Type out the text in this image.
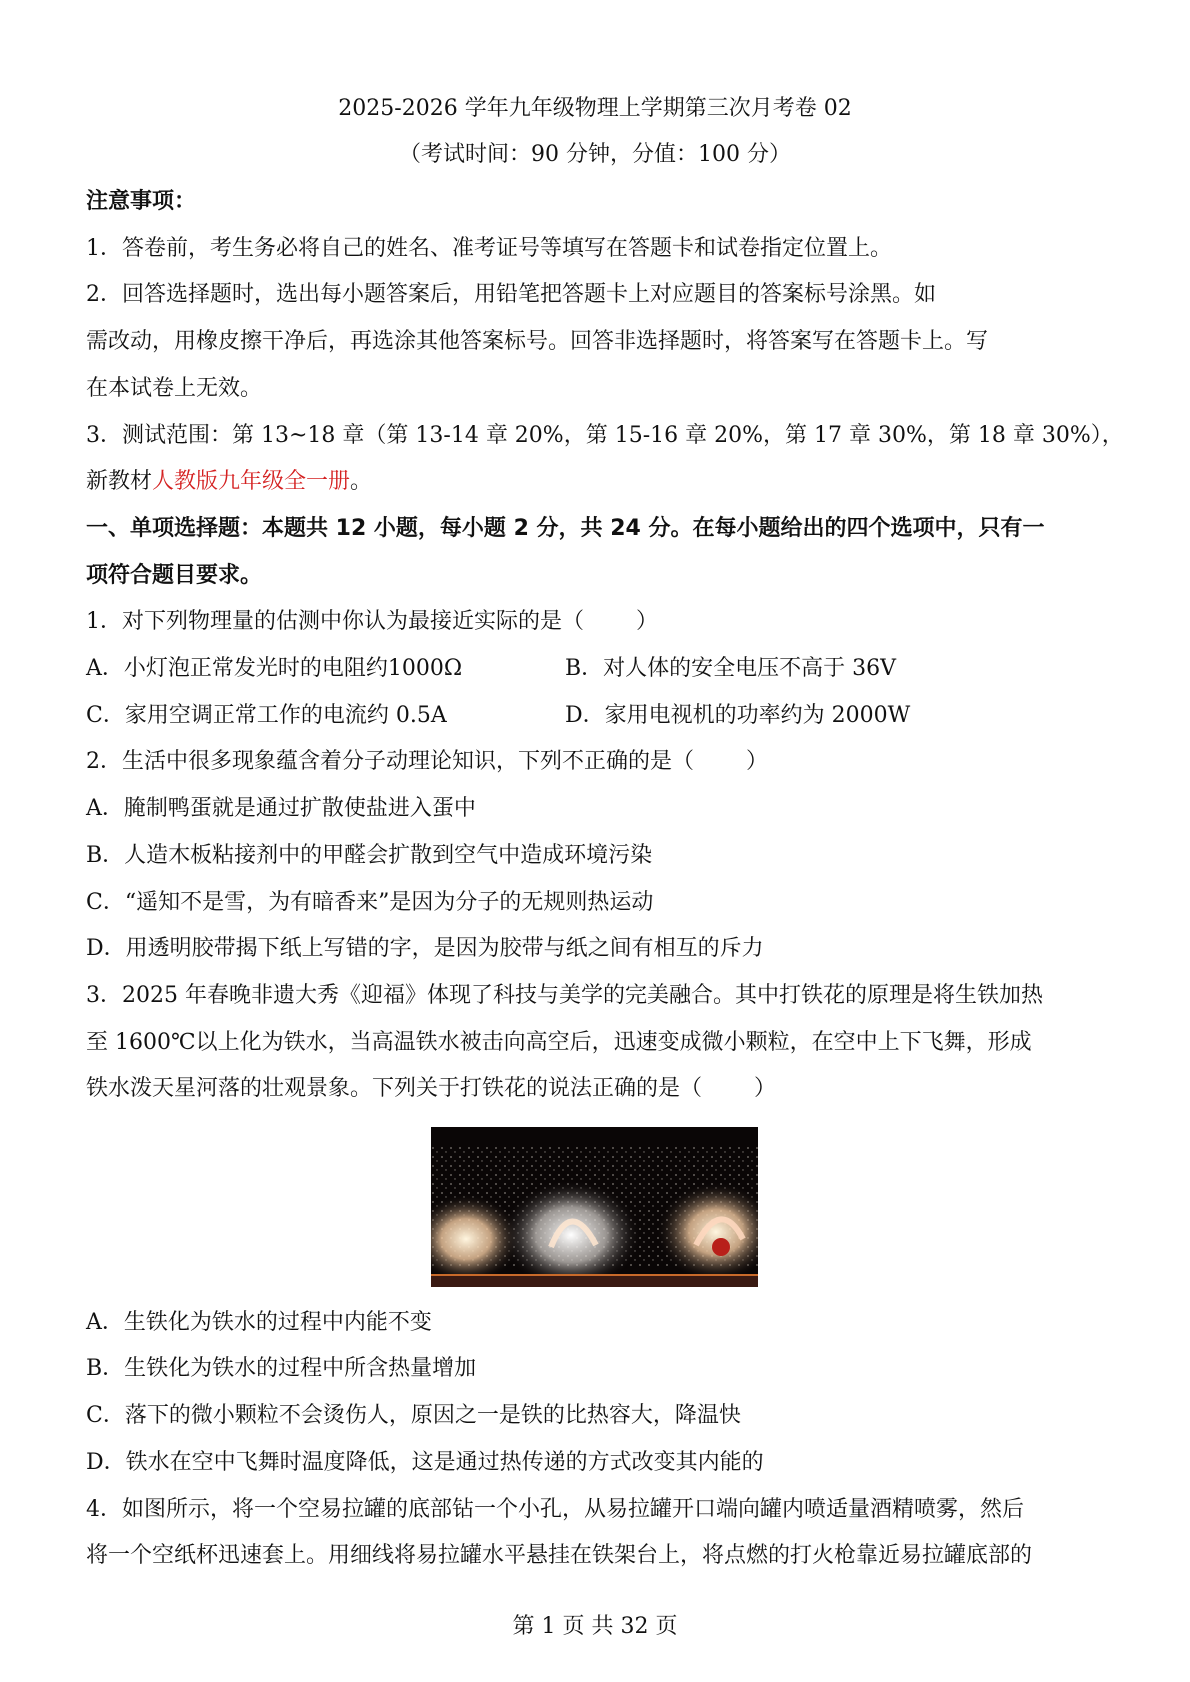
2025-2026 学年九年级物理上学期第三次月考卷 02
（考试时间：90 分钟，分值：100 分）
注意事项：
1．答卷前，考生务必将自己的姓名、准考证号等填写在答题卡和试卷指定位置上。
2．回答选择题时，选出每小题答案后，用铅笔把答题卡上对应题目的答案标号涂黑。如
需改动，用橡皮擦干净后，再选涂其他答案标号。回答非选择题时，将答案写在答题卡上。写
在本试卷上无效。
3．测试范围：第 13~18 章（第 13-14 章 20%，第 15-16 章 20%，第 17 章 30%，第 18 章 30%），
新教材人教版九年级全一册。
一、单项选择题：本题共 12 小题，每小题 2 分，共 24 分。在每小题给出的四个选项中，只有一
项符合题目要求。
1．对下列物理量的估测中你认为最接近实际的是（ ）
A．小灯泡正常发光时的电阻约1000Ω	B．对人体的安全电压不高于 36V
C．家用空调正常工作的电流约 0.5A	D．家用电视机的功率约为 2000W
2．生活中很多现象蕴含着分子动理论知识，下列不正确的是（ ）
A．腌制鸭蛋就是通过扩散使盐进入蛋中
B．人造木板粘接剂中的甲醛会扩散到空气中造成环境污染
C．“遥知不是雪，为有暗香来”是因为分子的无规则热运动
D．用透明胶带揭下纸上写错的字，是因为胶带与纸之间有相互的斥力
3．2025 年春晚非遗大秀《迎福》体现了科技与美学的完美融合。其中打铁花的原理是将生铁加热
至 1600℃以上化为铁水，当高温铁水被击向高空后，迅速变成微小颗粒，在空中上下飞舞，形成
铁水泼天星河落的壮观景象。下列关于打铁花的说法正确的是（ ）
A．生铁化为铁水的过程中内能不变
B．生铁化为铁水的过程中所含热量增加
C．落下的微小颗粒不会烫伤人，原因之一是铁的比热容大，降温快
D．铁水在空中飞舞时温度降低，这是通过热传递的方式改变其内能的
4．如图所示，将一个空易拉罐的底部钻一个小孔，从易拉罐开口端向罐内喷适量酒精喷雾，然后
将一个空纸杯迅速套上。用细线将易拉罐水平悬挂在铁架台上，将点燃的打火枪靠近易拉罐底部的
第 1 页 共 32 页
